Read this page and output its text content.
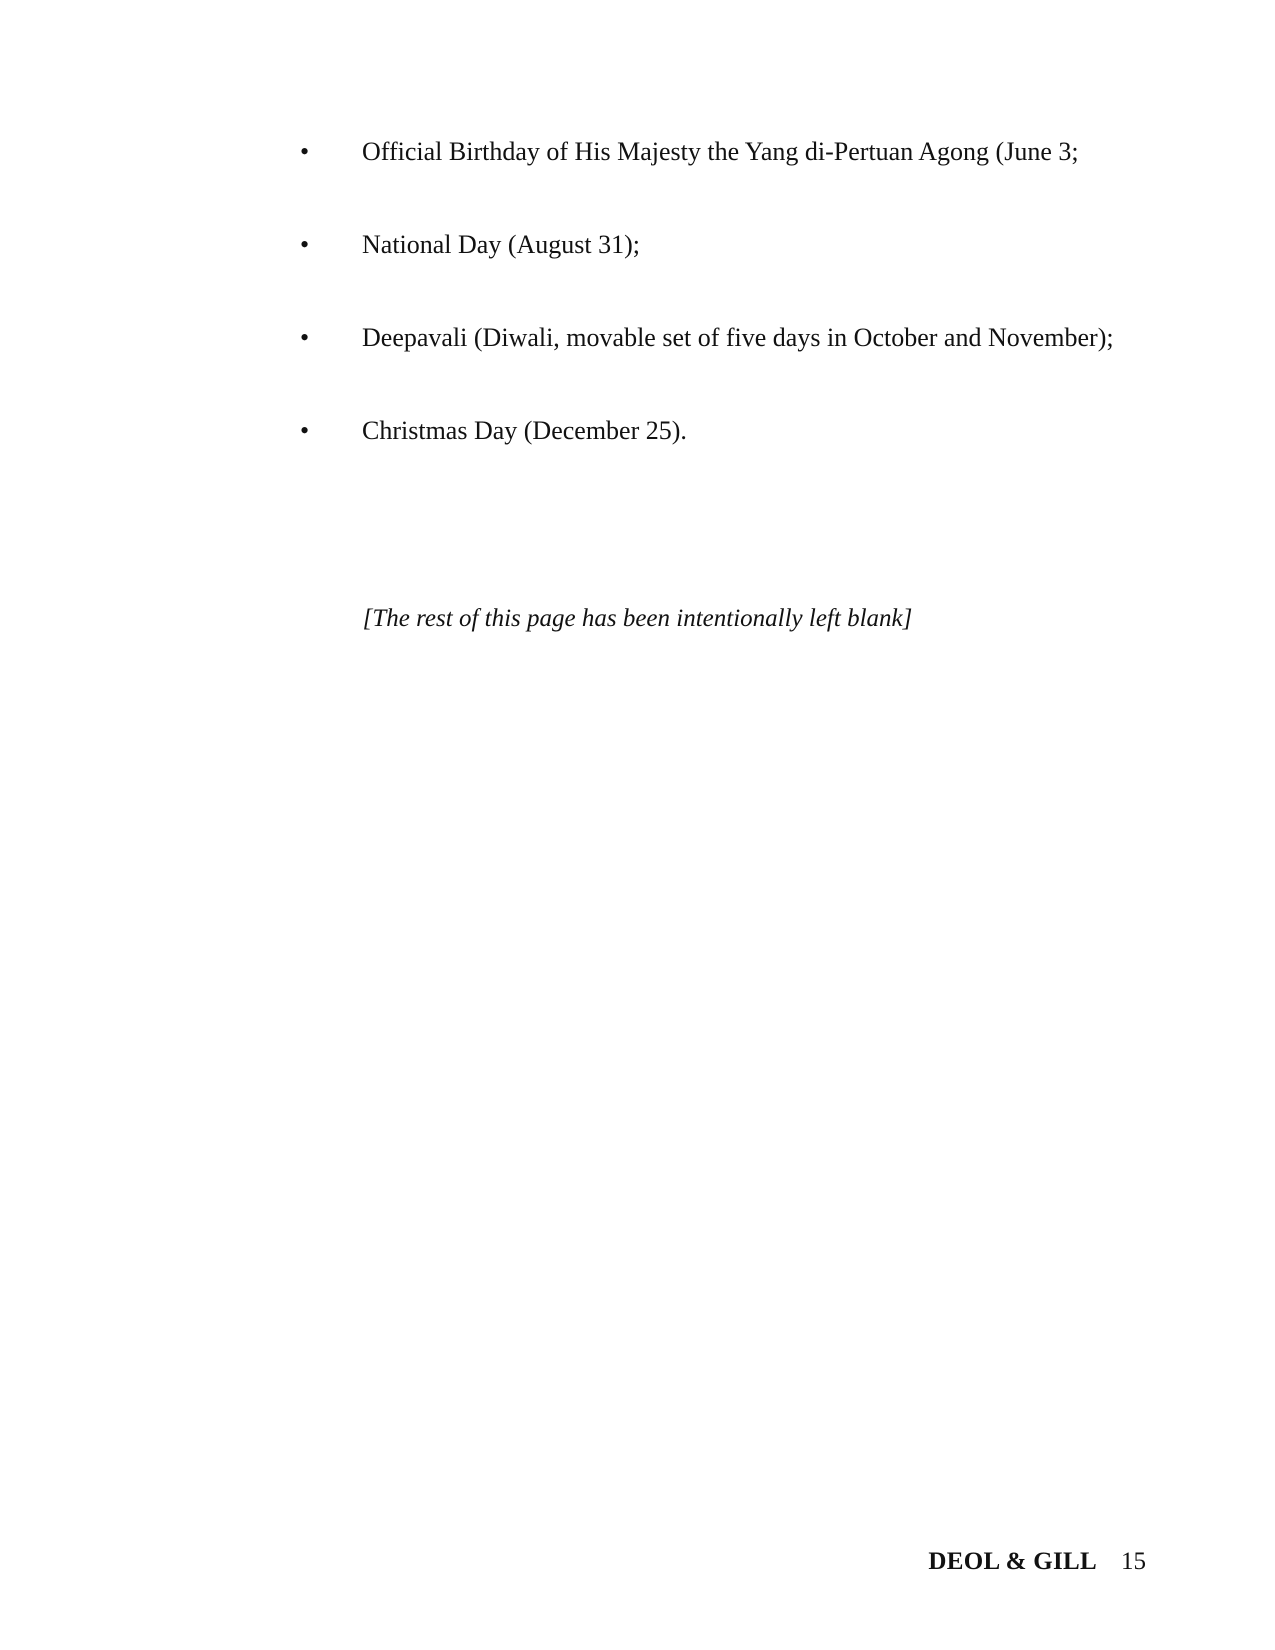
•	Official Birthday of His Majesty the Yang di-Pertuan Agong (June 3;
•	National Day (August 31);
•	Deepavali (Diwali, movable set of five days in October and November);
•	Christmas Day (December 25).
[The rest of this page has been intentionally left blank]
DEOL & GILL 15
